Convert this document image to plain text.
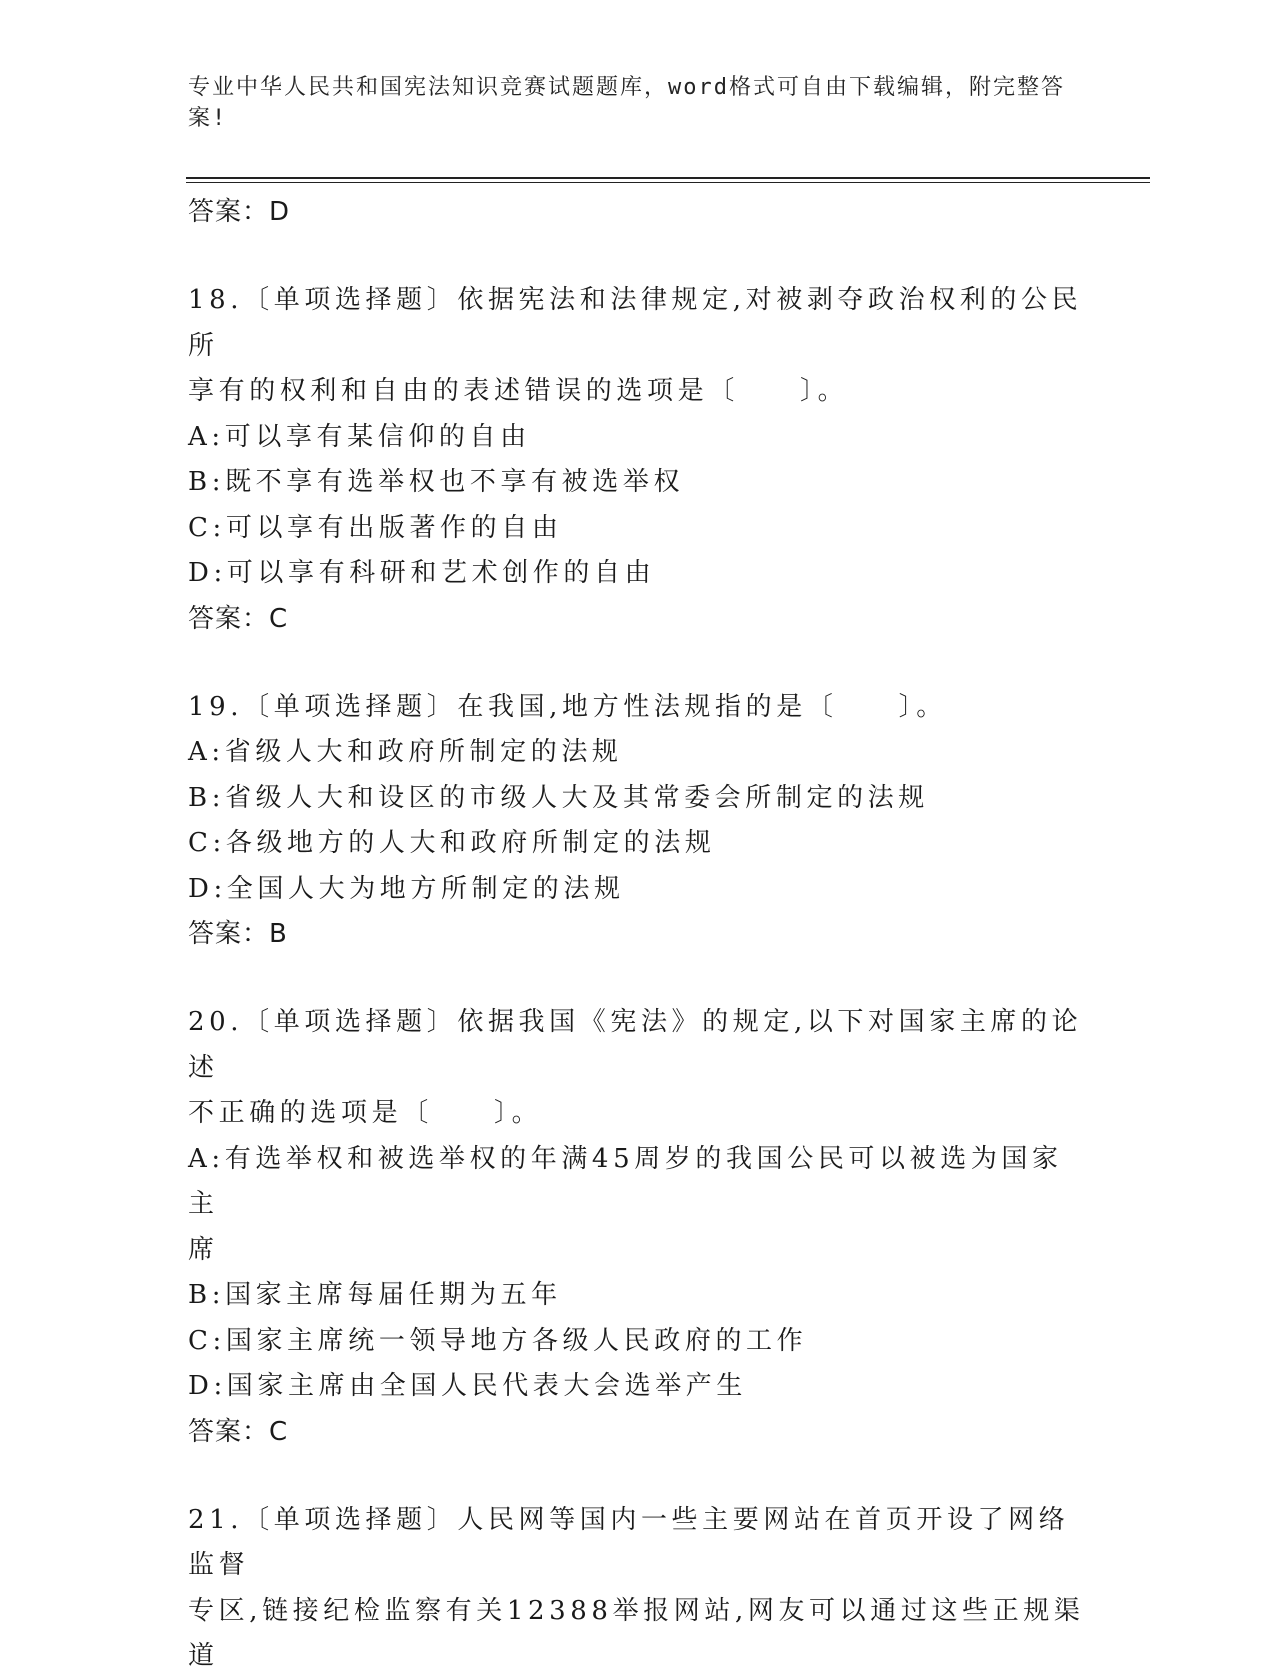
专业中华人民共和国宪法知识竞赛试题题库，word格式可自由下载编辑，附完整答案!
答案：D
18.〔单项选择题〕依据宪法和法律规定,对被剥夺政治权利的公民所
享有的权利和自由的表述错误的选项是〔　　〕。
A:可以享有某信仰的自由
B:既不享有选举权也不享有被选举权
C:可以享有出版著作的自由
D:可以享有科研和艺术创作的自由
答案：C
19.〔单项选择题〕在我国,地方性法规指的是〔　　〕。
A:省级人大和政府所制定的法规
B:省级人大和设区的市级人大及其常委会所制定的法规
C:各级地方的人大和政府所制定的法规
D:全国人大为地方所制定的法规
答案：B
20.〔单项选择题〕依据我国《宪法》的规定,以下对国家主席的论述
不正确的选项是〔　　〕。
A:有选举权和被选举权的年满45周岁的我国公民可以被选为国家主
席
B:国家主席每届任期为五年
C:国家主席统一领导地方各级人民政府的工作
D:国家主席由全国人民代表大会选举产生
答案：C
21.〔单项选择题〕人民网等国内一些主要网站在首页开设了网络监督
专区,链接纪检监察有关12388举报网站,网友可以通过这些正规渠道
